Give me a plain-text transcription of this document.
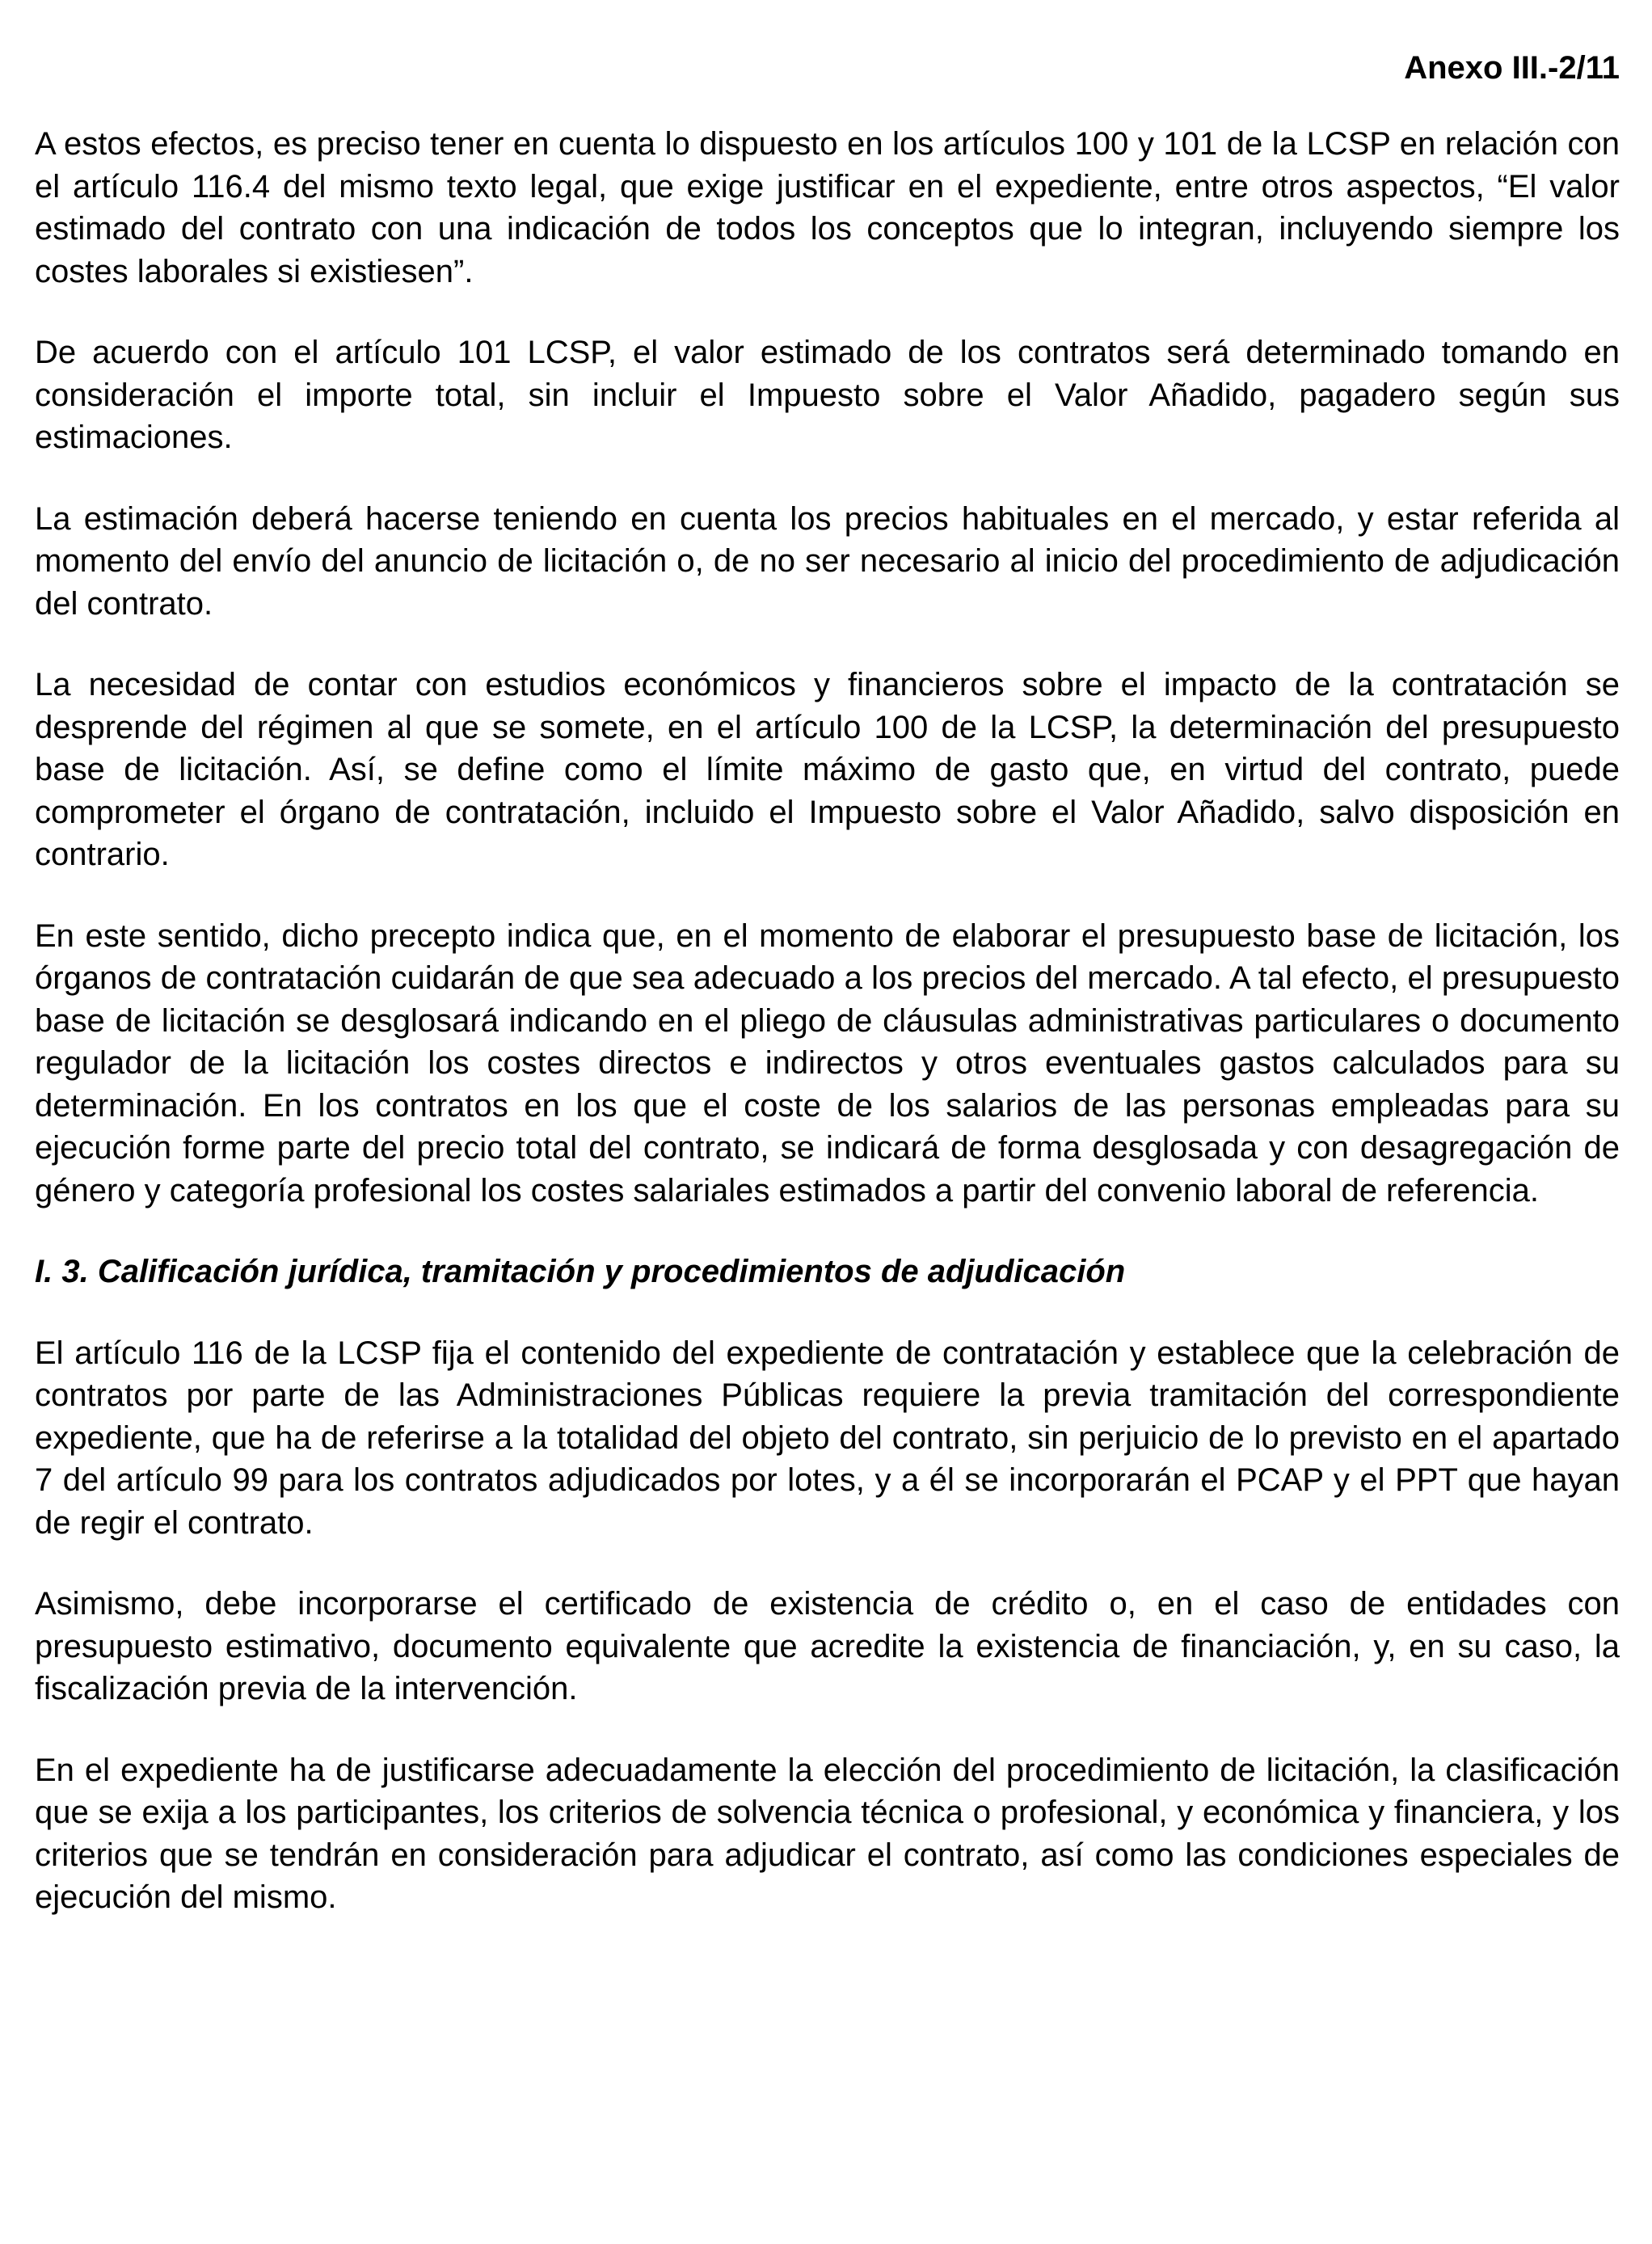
Anexo III.-2/11

A estos efectos, es preciso tener en cuenta lo dispuesto en los artículos 100 y 101 de la LCSP en relación con el artículo 116.4 del mismo texto legal, que exige justificar en el expediente, entre otros aspectos, “El valor estimado del contrato con una indicación de todos los conceptos que lo integran, incluyendo siempre los costes laborales si existiesen”.

De acuerdo con el artículo 101 LCSP, el valor estimado de los contratos será determinado tomando en consideración el importe total, sin incluir el Impuesto sobre el Valor Añadido, pagadero según sus estimaciones.

La estimación deberá hacerse teniendo en cuenta los precios habituales en el mercado, y estar referida al momento del envío del anuncio de licitación o, de no ser necesario al inicio del procedimiento de adjudicación del contrato.

La necesidad de contar con estudios económicos y financieros sobre el impacto de la contratación se desprende del régimen al que se somete, en el artículo 100 de la LCSP, la determinación del presupuesto base de licitación. Así, se define como el límite máximo de gasto que, en virtud del contrato, puede comprometer el órgano de contratación, incluido el Impuesto sobre el Valor Añadido, salvo disposición en contrario.

En este sentido, dicho precepto indica que, en el momento de elaborar el presupuesto base de licitación, los órganos de contratación cuidarán de que sea adecuado a los precios del mercado. A tal efecto, el presupuesto base de licitación se desglosará indicando en el pliego de cláusulas administrativas particulares o documento regulador de la licitación los costes directos e indirectos y otros eventuales gastos calculados para su determinación. En los contratos en los que el coste de los salarios de las personas empleadas para su ejecución forme parte del precio total del contrato, se indicará de forma desglosada y con desagregación de género y categoría profesional los costes salariales estimados a partir del convenio laboral de referencia.

I. 3. Calificación jurídica, tramitación y procedimientos de adjudicación

El artículo 116 de la LCSP fija el contenido del expediente de contratación y establece que la celebración de contratos por parte de las Administraciones Públicas requiere la previa tramitación del correspondiente expediente, que ha de referirse a la totalidad del objeto del contrato, sin perjuicio de lo previsto en el apartado 7 del artículo 99 para los contratos adjudicados por lotes, y a él se incorporarán el PCAP y el PPT que hayan de regir el contrato.

Asimismo, debe incorporarse el certificado de existencia de crédito o, en el caso de entidades con presupuesto estimativo, documento equivalente que acredite la existencia de financiación, y, en su caso, la fiscalización previa de la intervención.

En el expediente ha de justificarse adecuadamente la elección del procedimiento de licitación, la clasificación que se exija a los participantes, los criterios de solvencia técnica o profesional, y económica y financiera, y los criterios que se tendrán en consideración para adjudicar el contrato, así como las condiciones especiales de ejecución del mismo.
